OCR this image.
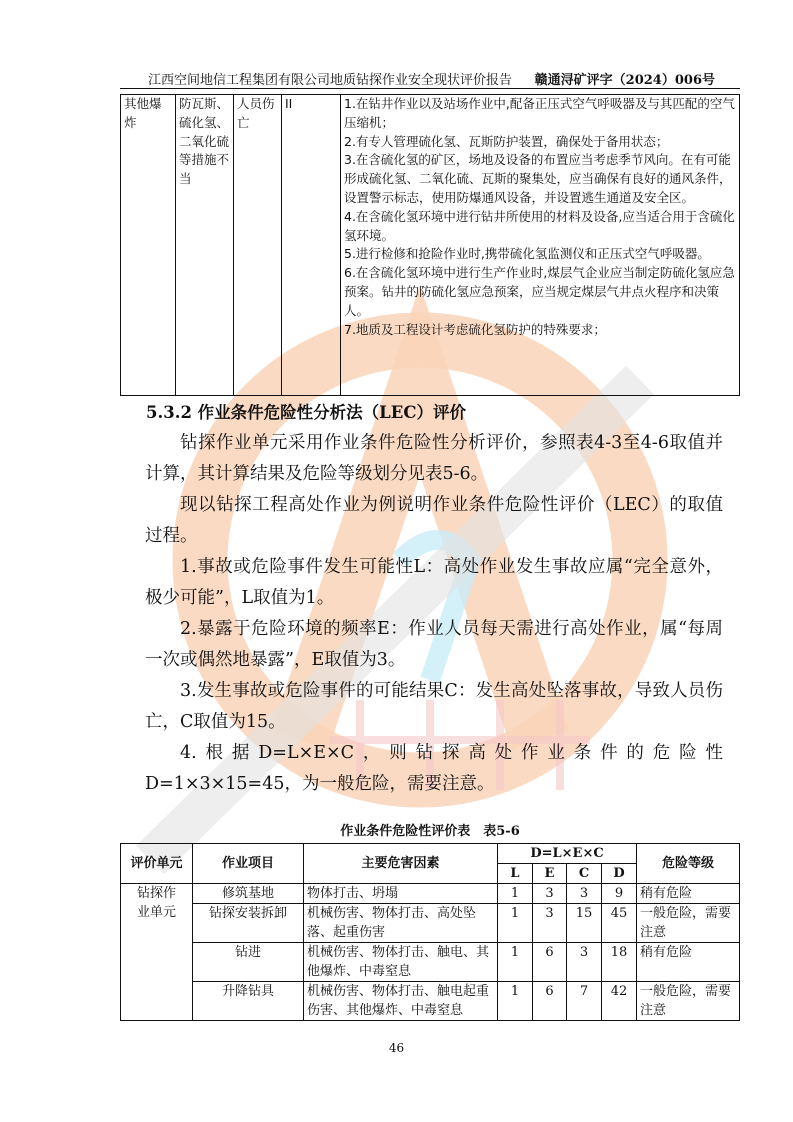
江西空间地信工程集团有限公司地质钻探作业安全现状评价报告 赣通浔矿评字（2024）006号
其他爆炸	防瓦斯、硫化氢、二氧化硫等措施不当	人员伤亡	II	1.在钻井作业以及站场作业中,配备正压式空气呼吸器及与其匹配的空气压缩机；
2.有专人管理硫化氢、瓦斯防护装置，确保处于备用状态；
3.在含硫化氢的矿区，场地及设备的布置应当考虑季节风向。在有可能形成硫化氢、二氧化硫、瓦斯的聚集处，应当确保有良好的通风条件，设置警示标志，使用防爆通风设备，并设置逃生通道及安全区。
4.在含硫化氢环境中进行钻井所使用的材料及设备,应当适合用于含硫化氢环境。
5.进行检修和抢险作业时,携带硫化氢监测仪和正压式空气呼吸器。
6.在含硫化氢环境中进行生产作业时,煤层气企业应当制定防硫化氢应急预案。钻井的防硫化氢应急预案，应当规定煤层气井点火程序和决策人。
7.地质及工程设计考虑硫化氢防护的特殊要求；
5.3.2 作业条件危险性分析法（LEC）评价

钻探作业单元采用作业条件危险性分析评价，参照表4-3至4-6取值并计算，其计算结果及危险等级划分见表5-6。

现以钻探工程高处作业为例说明作业条件危险性评价（LEC）的取值过程。

1.事故或危险事件发生可能性L：高处作业发生事故应属“完全意外，极少可能”，L取值为1。

2.暴露于危险环境的频率E：作业人员每天需进行高处作业，属“每周一次或偶然地暴露”，E取值为3。

3.发生事故或危险事件的可能结果C：发生高处坠落事故，导致人员伤亡，C取值为15。

4.根据D=L×E×C，则钻探高处作业条件的危险性D=1×3×15=45，为一般危险，需要注意。

作业条件危险性评价表　表5-6
评价单元	作业项目	主要危害因素	D=L×E×C				危险等级
			L	E	C	D	
钻探作业单元	修筑基地	物体打击、坍塌	1	3	3	9	稍有危险
	钻探安装拆卸	机械伤害、物体打击、高处坠落、起重伤害	1	3	15	45	一般危险，需要注意
	钻进	机械伤害、物体打击、触电、其他爆炸、中毒窒息	1	6	3	18	稍有危险
	升降钻具	机械伤害、物体打击、触电起重伤害、其他爆炸、中毒窒息	1	6	7	42	一般危险，需要注意
46
